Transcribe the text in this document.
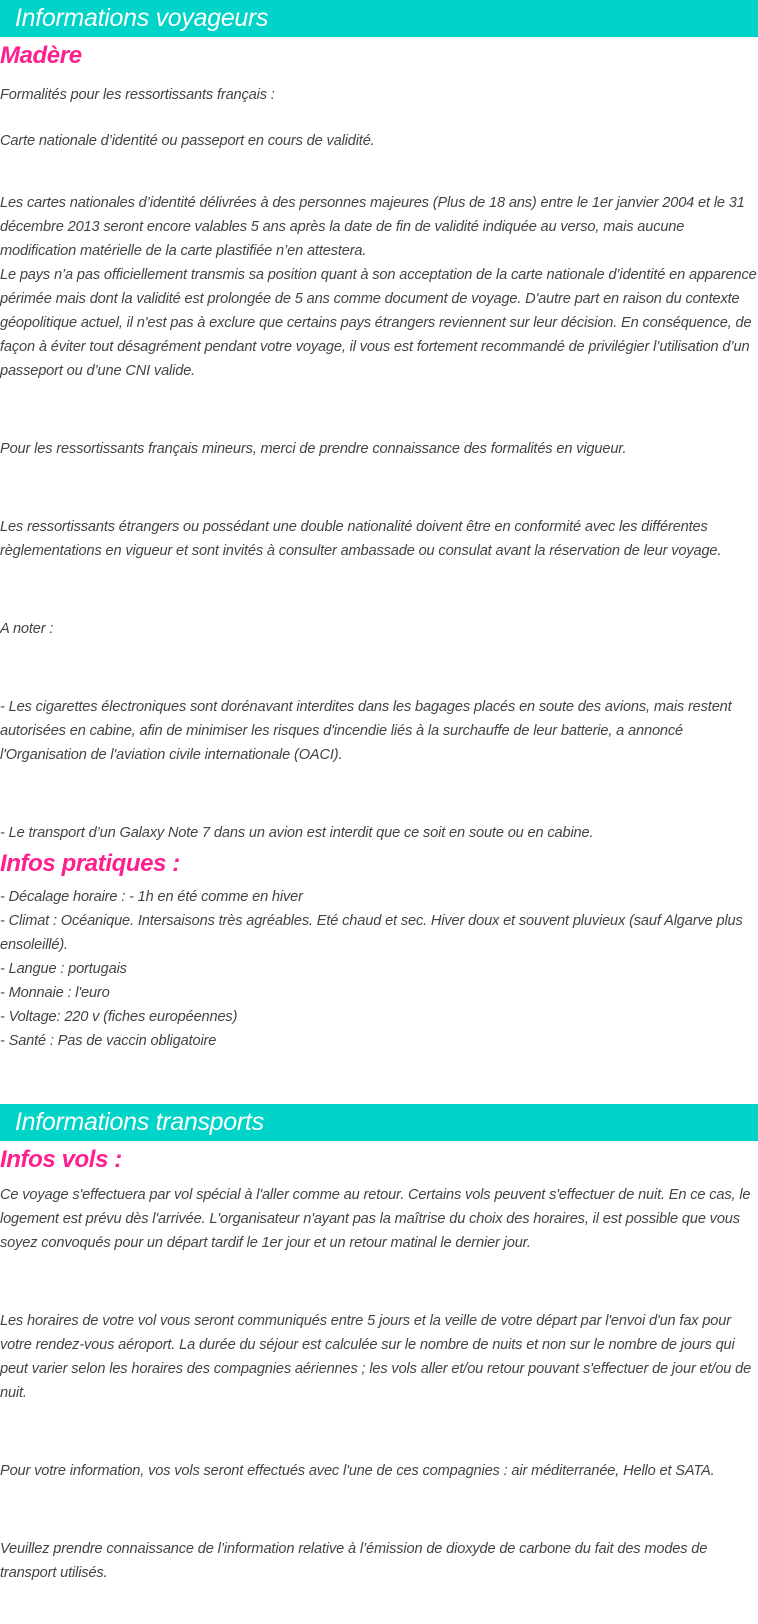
Informations voyageurs
Madère

Formalités pour les ressortissants français :

Carte nationale d’identité ou passeport en cours de validité.

Les cartes nationales d’identité délivrées à des personnes majeures (Plus de 18 ans) entre le 1er janvier 2004 et le 31 décembre 2013 seront encore valables 5 ans après la date de fin de validité indiquée au verso, mais aucune modification matérielle de la carte plastifiée n’en attestera.

Le pays n’a pas officiellement transmis sa position quant à son acceptation de la carte nationale d’identité en apparence périmée mais dont la validité est prolongée de 5 ans comme document de voyage. D'autre part en raison du contexte géopolitique actuel, il n'est pas à exclure que certains pays étrangers reviennent sur leur décision. En conséquence, de façon à éviter tout désagrément pendant votre voyage, il vous est fortement recommandé de privilégier l’utilisation d’un passeport ou d’une CNI valide.

Pour les ressortissants français mineurs, merci de prendre connaissance des formalités en vigueur.

Les ressortissants étrangers ou possédant une double nationalité doivent être en conformité avec les différentes règlementations en vigueur et sont invités à consulter ambassade ou consulat avant la réservation de leur voyage.

A noter :

- Les cigarettes électroniques sont dorénavant interdites dans les bagages placés en soute des avions, mais restent autorisées en cabine, afin de minimiser les risques d'incendie liés à la surchauffe de leur batterie, a annoncé l'Organisation de l'aviation civile internationale (OACI).

- Le transport d’un Galaxy Note 7 dans un avion est interdit que ce soit en soute ou en cabine.

Infos pratiques :

- Décalage horaire : - 1h en été comme en hiver

- Climat : Océanique. Intersaisons très agréables. Eté chaud et sec. Hiver doux et souvent pluvieux (sauf Algarve plus ensoleillé).

- Langue : portugais

- Monnaie : l'euro

- Voltage: 220 v (fiches européennes)

- Santé : Pas de vaccin obligatoire

Informations transports
Infos vols :

Ce voyage s'effectuera par vol spécial à l'aller comme au retour. Certains vols peuvent s'effectuer de nuit. En ce cas, le logement est prévu dès l'arrivée. L'organisateur n'ayant pas la maîtrise du choix des horaires, il est possible que vous soyez convoqués pour un départ tardif le 1er jour et un retour matinal le dernier jour.

Les horaires de votre vol vous seront communiqués entre 5 jours et la veille de votre départ par l'envoi d'un fax pour votre rendez-vous aéroport. La durée du séjour est calculée sur le nombre de nuits et non sur le nombre de jours qui peut varier selon les horaires des compagnies aériennes ; les vols aller et/ou retour pouvant s'effectuer de jour et/ou de nuit.

Pour votre information, vos vols seront effectués avec l'une de ces compagnies : air méditerranée, Hello et SATA.

Veuillez prendre connaissance de l’information relative à l’émission de dioxyde de carbone du fait des modes de transport utilisés.
